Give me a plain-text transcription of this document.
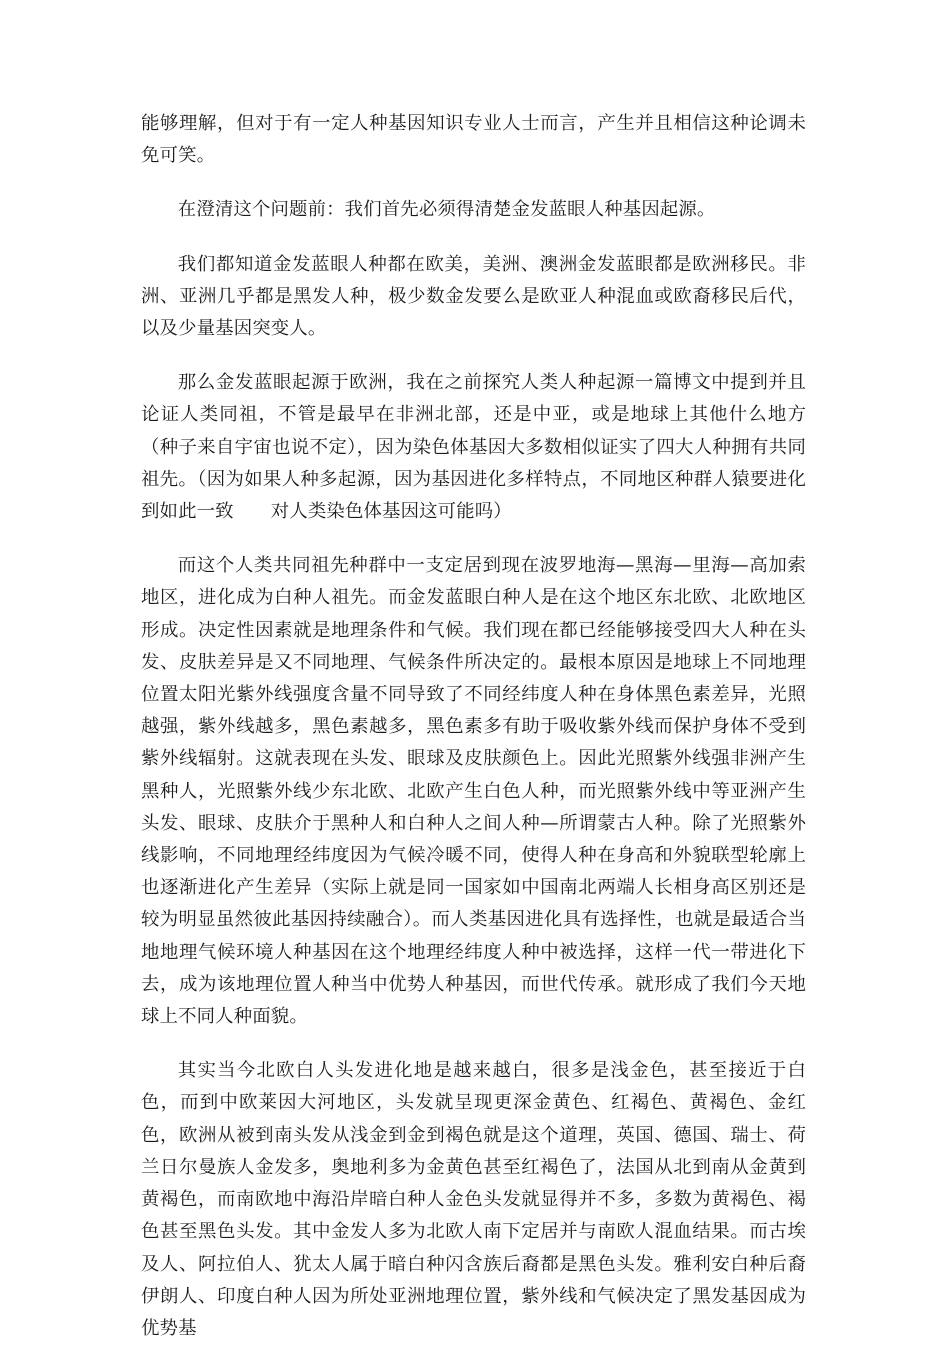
能够理解，但对于有一定人种基因知识专业人士而言，产生并且相信这种论调未免可笑。

在澄清这个问题前：我们首先必须得清楚金发蓝眼人种基因起源。

我们都知道金发蓝眼人种都在欧美，美洲、澳洲金发蓝眼都是欧洲移民。非洲、亚洲几乎都是黑发人种，极少数金发要么是欧亚人种混血或欧裔移民后代，以及少量基因突变人。

那么金发蓝眼起源于欧洲，我在之前探究人类人种起源一篇博文中提到并且论证人类同祖，不管是最早在非洲北部，还是中亚，或是地球上其他什么地方（种子来自宇宙也说不定），因为染色体基因大多数相似证实了四大人种拥有共同祖先。（因为如果人种多起源，因为基因进化多样特点，不同地区种群人猿要进化到如此一致　　对人类染色体基因这可能吗）

而这个人类共同祖先种群中一支定居到现在波罗地海—黑海—里海—高加索地区，进化成为白种人祖先。而金发蓝眼白种人是在这个地区东北欧、北欧地区形成。决定性因素就是地理条件和气候。我们现在都已经能够接受四大人种在头发、皮肤差异是又不同地理、气候条件所决定的。最根本原因是地球上不同地理位置太阳光紫外线强度含量不同导致了不同经纬度人种在身体黑色素差异，光照越强，紫外线越多，黑色素越多，黑色素多有助于吸收紫外线而保护身体不受到紫外线辐射。这就表现在头发、眼球及皮肤颜色上。因此光照紫外线强非洲产生黑种人，光照紫外线少东北欧、北欧产生白色人种，而光照紫外线中等亚洲产生头发、眼球、皮肤介于黑种人和白种人之间人种—所谓蒙古人种。除了光照紫外线影响，不同地理经纬度因为气候冷暖不同，使得人种在身高和外貌联型轮廓上也逐渐进化产生差异（实际上就是同一国家如中国南北两端人长相身高区别还是较为明显虽然彼此基因持续融合）。而人类基因进化具有选择性，也就是最适合当地地理气候环境人种基因在这个地理经纬度人种中被选择，这样一代一带进化下去，成为该地理位置人种当中优势人种基因，而世代传承。就形成了我们今天地球上不同人种面貌。

其实当今北欧白人头发进化地是越来越白，很多是浅金色，甚至接近于白色，而到中欧莱因大河地区，头发就呈现更深金黄色、红褐色、黄褐色、金红色，欧洲从被到南头发从浅金到金到褐色就是这个道理，英国、德国、瑞士、荷兰日尔曼族人金发多，奥地利多为金黄色甚至红褐色了，法国从北到南从金黄到黄褐色，而南欧地中海沿岸暗白种人金色头发就显得并不多，多数为黄褐色、褐色甚至黑色头发。其中金发人多为北欧人南下定居并与南欧人混血结果。而古埃及人、阿拉伯人、犹太人属于暗白种闪含族后裔都是黑色头发。雅利安白种后裔伊朗人、印度白种人因为所处亚洲地理位置，紫外线和气候决定了黑发基因成为优势基
